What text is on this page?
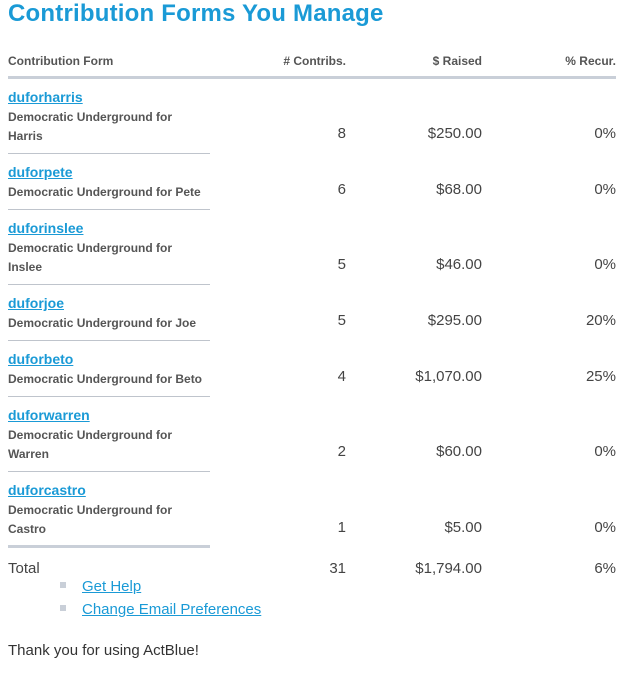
Contribution Forms You Manage
Contribution Form	# Contribs.	$ Raised	% Recur.

duforharris
Democratic Underground for Harris	8	$250.00	0%

duforpete
Democratic Underground for Pete	6	$68.00	0%

duforinslee
Democratic Underground for Inslee	5	$46.00	0%

duforjoe
Democratic Underground for Joe	5	$295.00	20%

duforbeto
Democratic Underground for Beto	4	$1,070.00	25%

duforwarren
Democratic Underground for Warren	2	$60.00	0%

duforcastro
Democratic Underground for Castro	1	$5.00	0%
Total	31	$1,794.00	6%
Get Help
Change Email Preferences

Thank you for using ActBlue!
